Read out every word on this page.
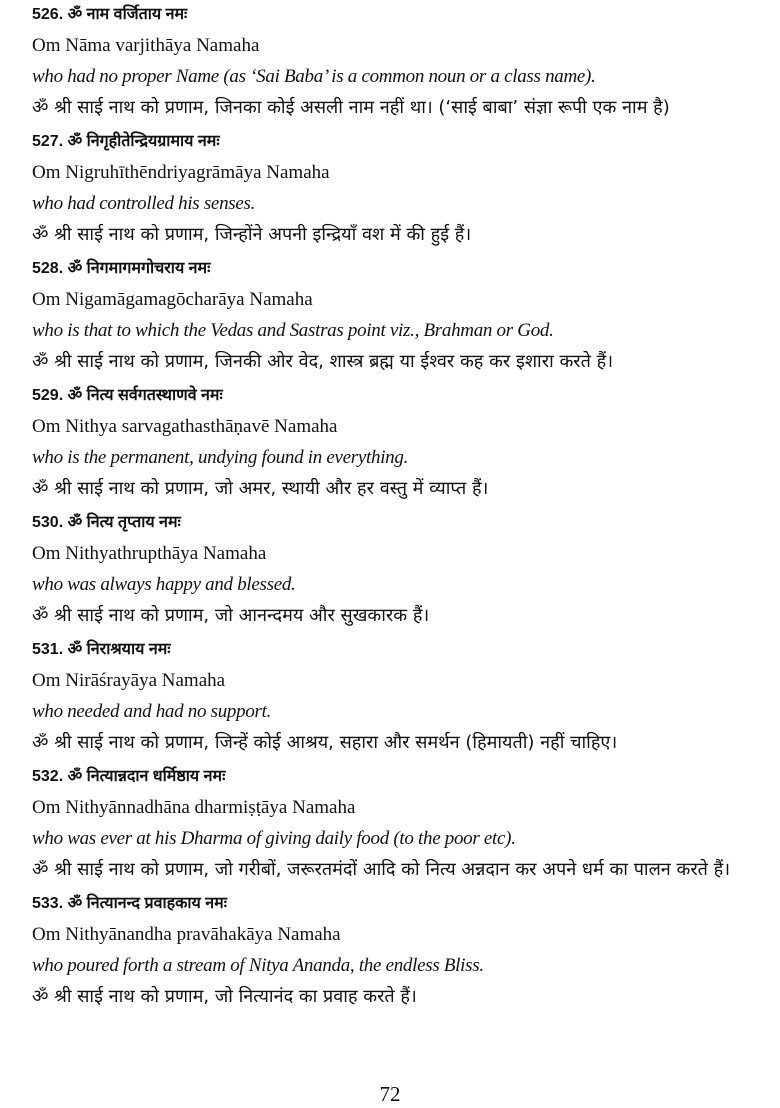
526. ॐ नाम वर्जिताय नमः
Om Nāma varjithāya Namaha
who had no proper Name (as ‘Sai Baba’ is a common noun or a class name).
ॐ श्री साई नाथ को प्रणाम, जिनका कोई असली नाम नहीं था। (‘साई बाबा’ संज्ञा रूपी एक नाम है)
527. ॐ निगृहीतेन्द्रियग्रामाय नमः
Om Nigruhīthēndriyagrāmāya Namaha
who had controlled his senses.
ॐ श्री साई नाथ को प्रणाम, जिन्होंने अपनी इन्द्रियाँ वश में की हुई हैं।
528. ॐ निगमागमगोचराय नमः
Om Nigamāgamagōcharāya Namaha
who is that to which the Vedas and Sastras point viz., Brahman or God.
ॐ श्री साई नाथ को प्रणाम, जिनकी ओर वेद, शास्त्र ब्रह्म या ईश्वर कह कर इशारा करते हैं।
529. ॐ नित्य सर्वगतस्थाणवे नमः
Om Nithya sarvagathasthāṇavē Namaha
who is the permanent, undying found in everything.
ॐ श्री साई नाथ को प्रणाम, जो अमर, स्थायी और हर वस्तु में व्याप्त हैं।
530. ॐ नित्य तृप्ताय नमः
Om Nithyathrupthāya Namaha
who was always happy and blessed.
ॐ श्री साई नाथ को प्रणाम, जो आनन्दमय और सुखकारक हैं।
531. ॐ निराश्रयाय नमः
Om Nirāśrayāya Namaha
who needed and had no support.
ॐ श्री साई नाथ को प्रणाम, जिन्हें कोई आश्रय, सहारा और समर्थन (हिमायती) नहीं चाहिए।
532. ॐ नित्यान्नदान धर्मिष्ठाय नमः
Om Nithyānnadhāna dharmiṣṭāya Namaha
who was ever at his Dharma of giving daily food (to the poor etc).
ॐ श्री साई नाथ को प्रणाम, जो गरीबों, जरूरतमंदों आदि को नित्य अन्नदान कर अपने धर्म का पालन करते हैं।
533. ॐ नित्यानन्द प्रवाहकाय नमः
Om Nithyānandha pravāhakāya Namaha
who poured forth a stream of Nitya Ananda, the endless Bliss.
ॐ श्री साई नाथ को प्रणाम, जो नित्यानंद का प्रवाह करते हैं।
72
